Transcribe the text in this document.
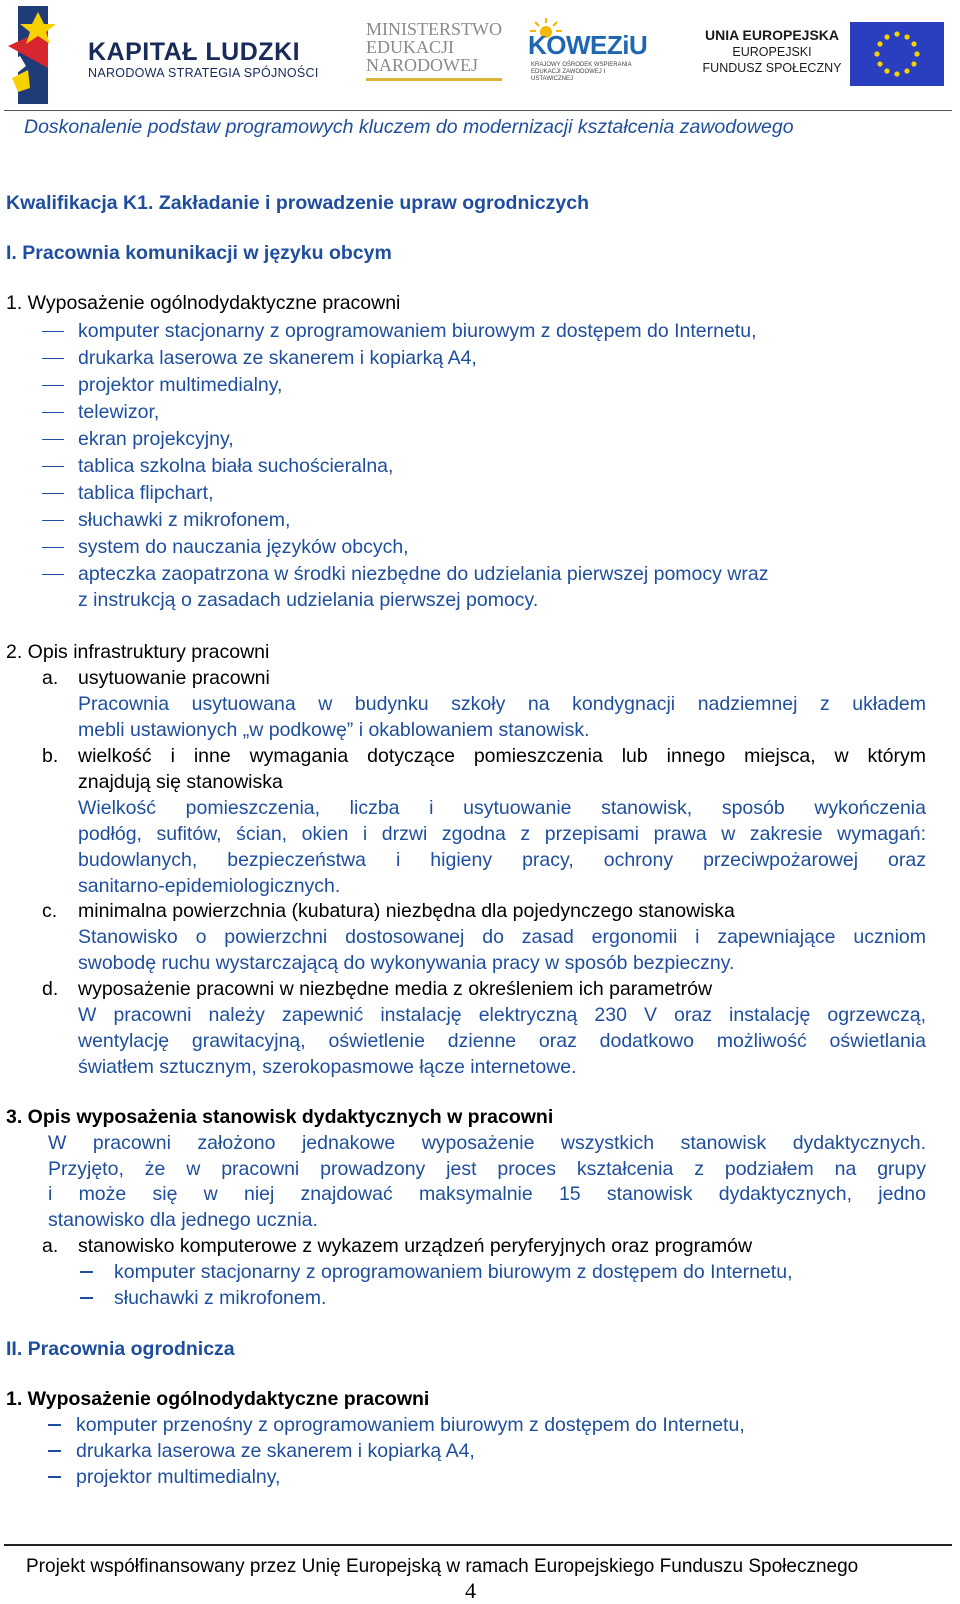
KAPITAŁ LUDZKI
NARODOWA STRATEGIA SPÓJNOŚCI
MINISTERSTWO
EDUKACJI
NARODOWEJ
KOWEZiU
KRAJOWY OŚRODEK WSPIERANIA EDUKACJI ZAWODOWEJ I USTAWICZNEJ
UNIA EUROPEJSKA
EUROPEJSKI
FUNDUSZ SPOŁECZNY
Doskonalenie podstaw programowych kluczem do modernizacji kształcenia zawodowego
Kwalifikacja K1. Zakładanie i prowadzenie upraw ogrodniczych
I. Pracownia komunikacji w języku obcym
1. Wyposażenie ogólnodydaktyczne pracowni
komputer stacjonarny z oprogramowaniem biurowym z dostępem do Internetu,
drukarka laserowa ze skanerem i kopiarką A4,
projektor multimedialny,
telewizor,
ekran projekcyjny,
tablica szkolna biała suchościeralna,
tablica flipchart,
słuchawki z mikrofonem,
system do nauczania języków obcych,
apteczka zaopatrzona w środki niezbędne do udzielania pierwszej pomocy wraz
z instrukcją o zasadach udzielania pierwszej pomocy.
2. Opis infrastruktury pracowni
a. usytuowanie pracowni
Pracownia usytuowana w budynku szkoły na kondygnacji nadziemnej z układem
mebli ustawionych „w podkowę” i okablowaniem stanowisk.
b. wielkość i inne wymagania dotyczące pomieszczenia lub innego miejsca, w którym
znajdują się stanowiska
Wielkość pomieszczenia, liczba i usytuowanie stanowisk, sposób wykończenia
podłóg, sufitów, ścian, okien i drzwi zgodna z przepisami prawa w zakresie wymagań:
budowlanych, bezpieczeństwa i higieny pracy, ochrony przeciwpożarowej oraz
sanitarno-epidemiologicznych.
c. minimalna powierzchnia (kubatura) niezbędna dla pojedynczego stanowiska
Stanowisko o powierzchni dostosowanej do zasad ergonomii i zapewniające uczniom
swobodę ruchu wystarczającą do wykonywania pracy w sposób bezpieczny.
d. wyposażenie pracowni w niezbędne media z określeniem ich parametrów
W pracowni należy zapewnić instalację elektryczną 230 V oraz instalację ogrzewczą,
wentylację grawitacyjną, oświetlenie dzienne oraz dodatkowo możliwość oświetlania
światłem sztucznym, szerokopasmowe łącze internetowe.
3. Opis wyposażenia stanowisk dydaktycznych w pracowni
W pracowni założono jednakowe wyposażenie wszystkich stanowisk dydaktycznych.
Przyjęto, że w pracowni prowadzony jest proces kształcenia z podziałem na grupy
i może się w niej znajdować maksymalnie 15 stanowisk dydaktycznych, jedno
stanowisko dla jednego ucznia.
a. stanowisko komputerowe z wykazem urządzeń peryferyjnych oraz programów
komputer stacjonarny z oprogramowaniem biurowym z dostępem do Internetu,
słuchawki z mikrofonem.
II. Pracownia ogrodnicza
1. Wyposażenie ogólnodydaktyczne pracowni
komputer przenośny z oprogramowaniem biurowym z dostępem do Internetu,
drukarka laserowa ze skanerem i kopiarką A4,
projektor multimedialny,
Projekt współfinansowany przez Unię Europejską w ramach Europejskiego Funduszu Społecznego
4
